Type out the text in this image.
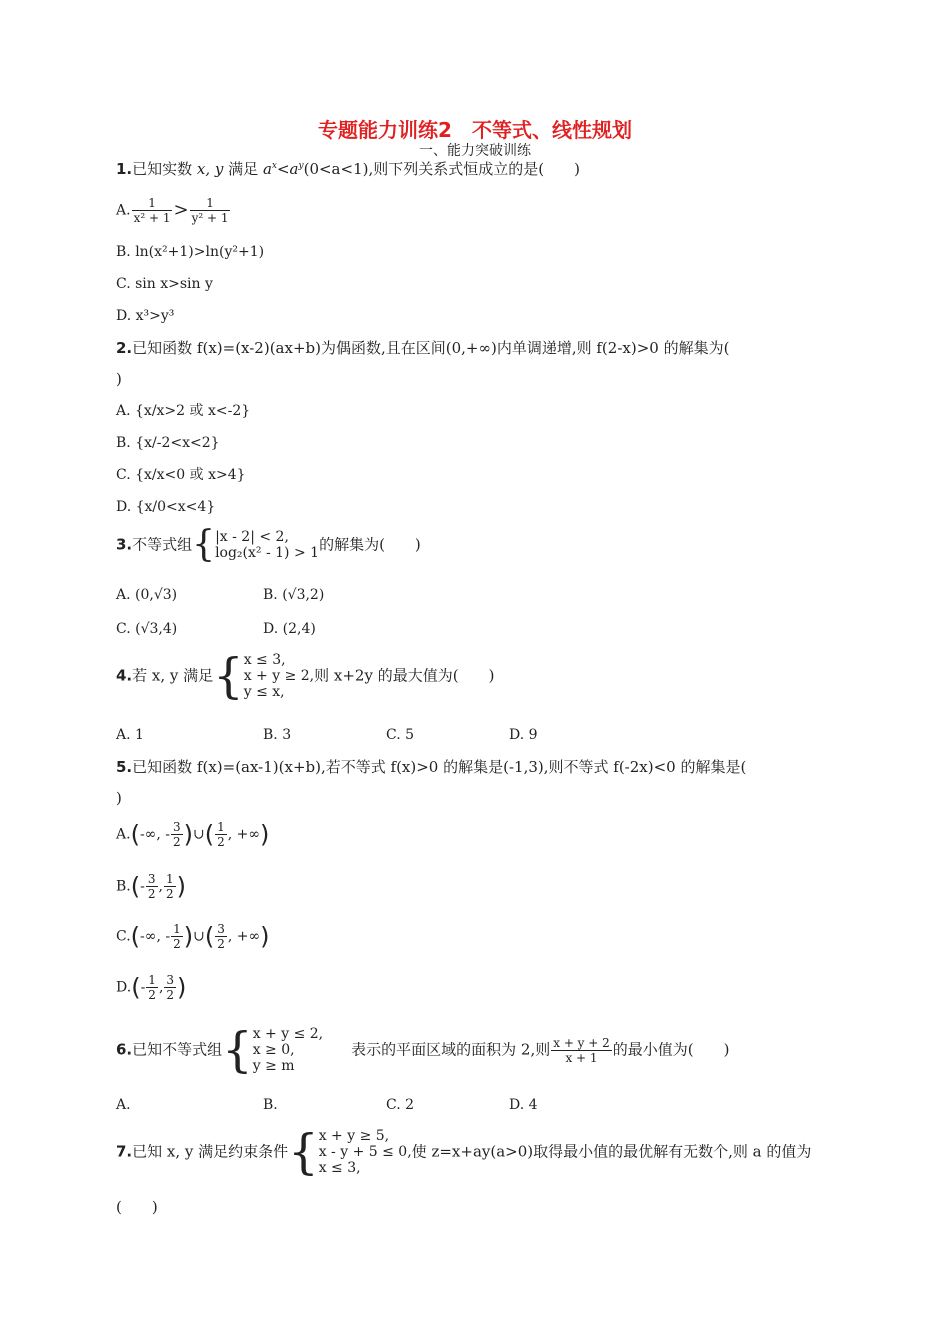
专题能力训练2　不等式、线性规划
一、能力突破训练
1.已知实数 x, y 满足 $a^x<a^y(0<a<1)$,则下列关系式恒成立的是(　　)
A. $\frac{1}{\text{x² + 1}} > \frac{1}{\text{y² + 1}}$
B. ln(x²+1)>ln(y²+1)
C. sin x>sin y
D. x³>y³
2.已知函数 f(x)=(x-2)(ax+b)为偶函数,且在区间(0,+∞)内单调递增,则 f(2-x)>0 的解集为(
)
A. {x/x>2 或 x<-2}
B. {x/-2<x<2}
C. {x/x<0 或 x>4}
D. {x/0<x<4}
3.不等式组{ |x - 2| < 2,
log₂(x² - 1) > 1 的解集为(　　)
A. (0,√3)	B. (√3,2)
C. (√3,4)	D. (2,4)
4.若 x, y 满足{ x ≤ 3,
x + y ≥ 2,
y ≤ x,
则 x+2y 的最大值为(　　)
A. 1	B. 3	C. 5	D. 9
5.已知函数 f(x)=(ax-1)(x+b),若不等式 f(x)>0 的解集是(-1,3),则不等式 f(-2x)<0 的解集是(
)
A.(-∞, - $\frac{3}{2}$ )∪( $\frac{1}{2}$ , +∞)
$B.(- \frac{3}{2}$ , $\frac{1}{2}$ )
C.(-∞, - $\frac{1}{2}$ )∪( $\frac{3}{2}$ , +∞)
$D.(- \frac{1}{2}$ , $\frac{3}{2}$ )
6.已知不等式组{ x + y ≤ 2,
x ≥ 0,
y ≥ m
表示的平面区域的面积为 2,则 $\frac{x + y + 2}{x + 1}$ 的最小值为(　　)
A.	B.	C. 2	D. 4
7.已知 x, y 满足约束条件{ x + y ≥ 5,
x - y + 5 ≤ 0,
x ≤ 3,
使 z=x+ay(a>0)取得最小值的最优解有无数个,则 a 的值为
(　　)
